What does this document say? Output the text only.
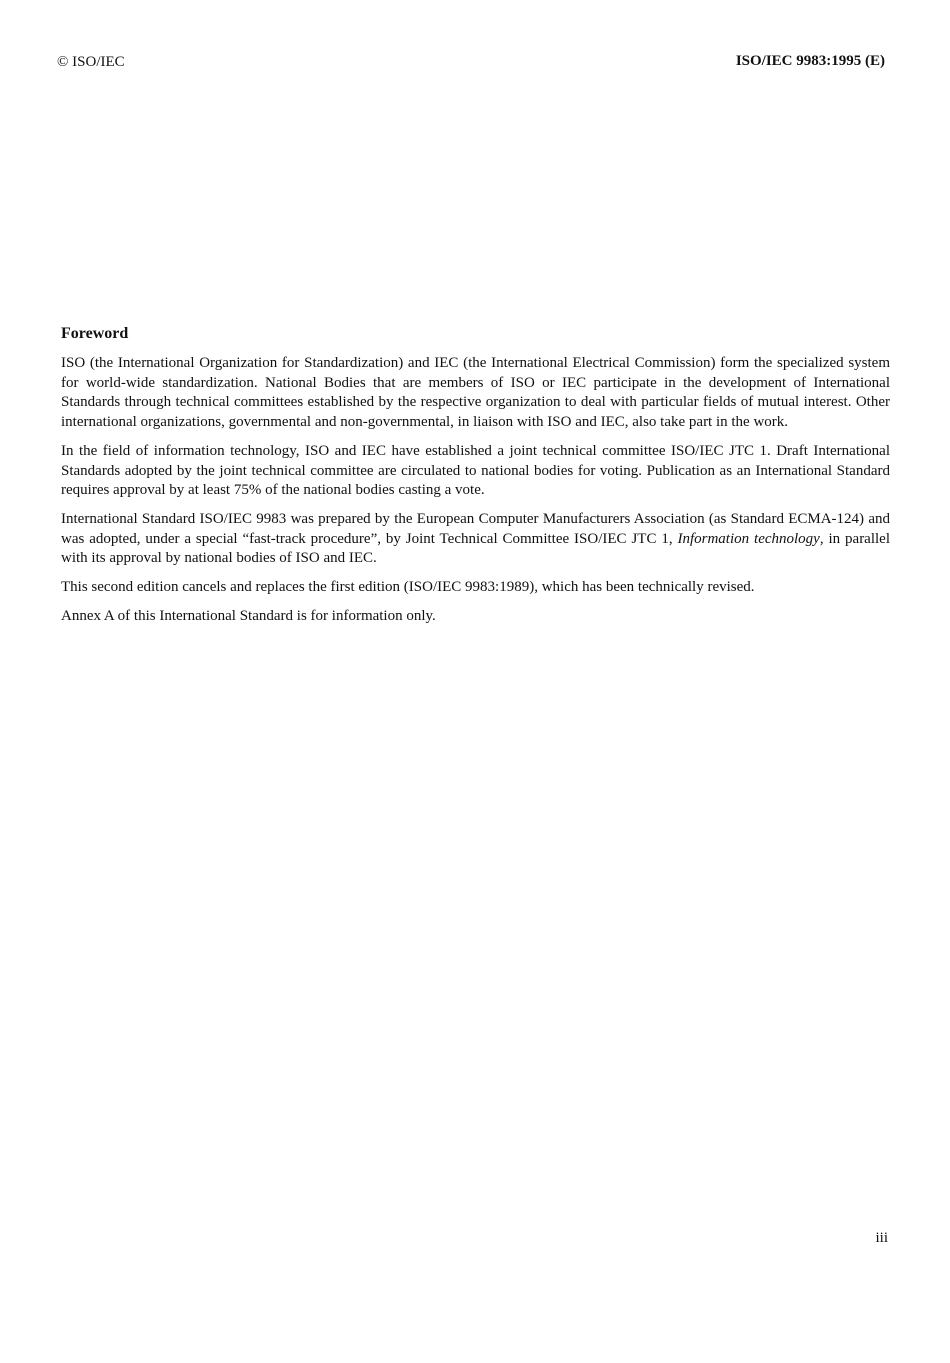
© ISO/IEC	ISO/IEC 9983:1995 (E)
Foreword

ISO (the International Organization for Standardization) and IEC (the International Electrical Commission) form the specialized system for world-wide standardization. National Bodies that are members of ISO or IEC participate in the development of International Standards through technical committees established by the respective organization to deal with particular fields of mutual interest. Other international organizations, governmental and non-governmental, in liaison with ISO and IEC, also take part in the work.

In the field of information technology, ISO and IEC have established a joint technical committee ISO/IEC JTC 1. Draft International Standards adopted by the joint technical committee are circulated to national bodies for voting. Publication as an International Standard requires approval by at least 75% of the national bodies casting a vote.

International Standard ISO/IEC 9983 was prepared by the European Computer Manufacturers Association (as Standard ECMA-124) and was adopted, under a special “fast-track procedure”, by Joint Technical Committee ISO/IEC JTC 1, Information technology, in parallel with its approval by national bodies of ISO and IEC.

This second edition cancels and replaces the first edition (ISO/IEC 9983:1989), which has been technically revised.

Annex A of this International Standard is for information only.

iii
